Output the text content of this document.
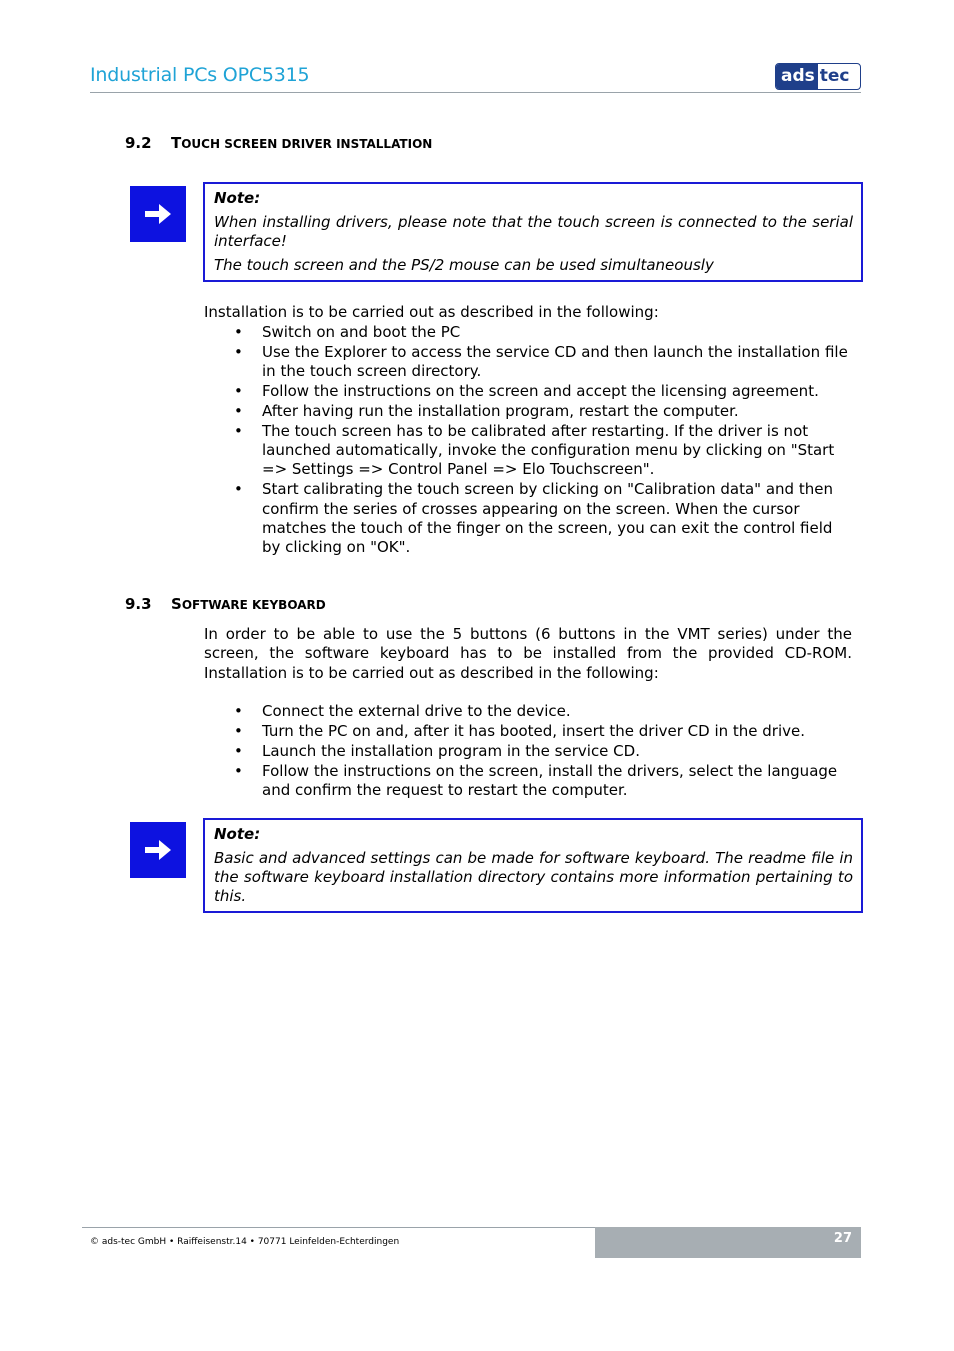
Industrial PCs OPC5315	ads tec
9.2 TOUCH SCREEN DRIVER INSTALLATION
Note:

When installing drivers, please note that the touch screen is connected to the serial interface!

The touch screen and the PS/2 mouse can be used simultaneously

Installation is to be carried out as described in the following:
• Switch on and boot the PC
• Use the Explorer to access the service CD and then launch the installation file in the touch screen directory.
• Follow the instructions on the screen and accept the licensing agreement.
• After having run the installation program, restart the computer.
• The touch screen has to be calibrated after restarting. If the driver is not launched automatically, invoke the configuration menu by clicking on "Start => Settings => Control Panel => Elo Touchscreen".
• Start calibrating the touch screen by clicking on "Calibration data" and then confirm the series of crosses appearing on the screen. When the cursor matches the touch of the finger on the screen, you can exit the control field by clicking on "OK".
9.3 SOFTWARE KEYBOARD
In order to be able to use the 5 buttons (6 buttons in the VMT series) under the screen, the software keyboard has to be installed from the provided CD-ROM. Installation is to be carried out as described in the following:
• Connect the external drive to the device.
• Turn the PC on and, after it has booted, insert the driver CD in the drive.
• Launch the installation program in the service CD.
• Follow the instructions on the screen, install the drivers, select the language and confirm the request to restart the computer.
Note:

Basic and advanced settings can be made for software keyboard. The readme file in the software keyboard installation directory contains more information pertaining to this.

© ads-tec GmbH • Raiffeisenstr.14 • 70771 Leinfelden-Echterdingen	27
